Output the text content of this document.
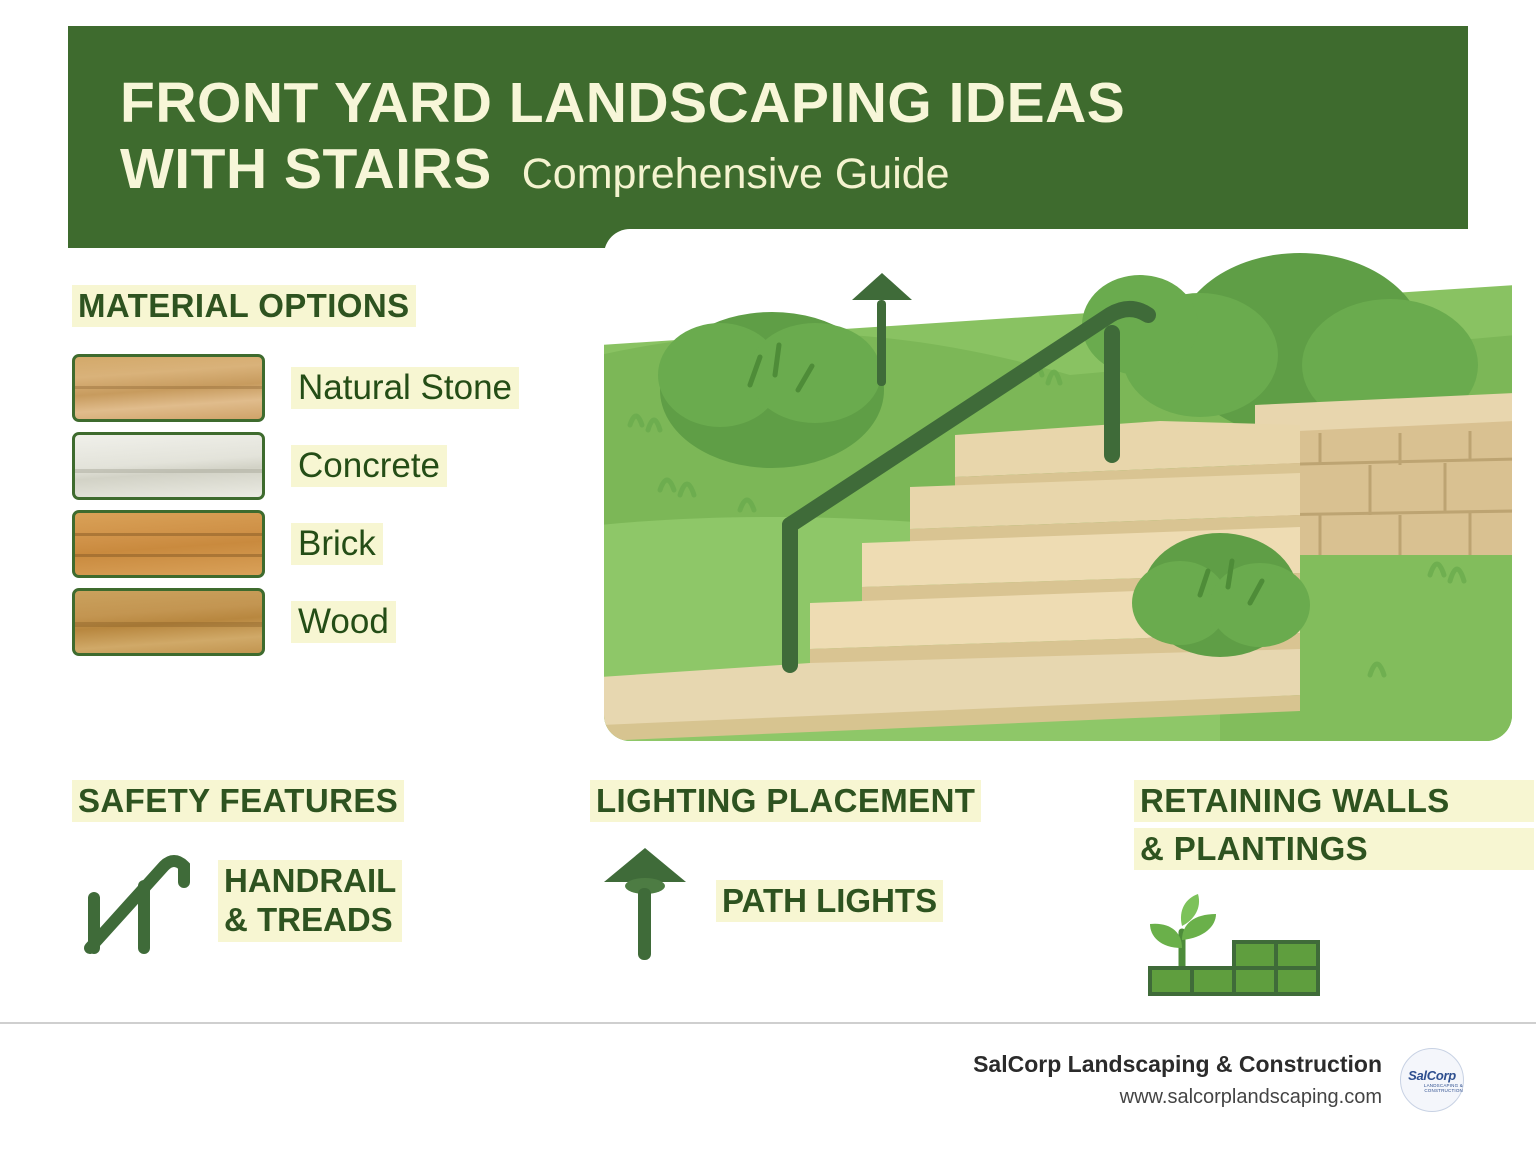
FRONT YARD LANDSCAPING IDEAS
WITH STAIRS Comprehensive Guide
MATERIAL OPTIONS
Natural Stone
Concrete
Brick
Wood
SAFETY FEATURES
HANDRAIL
& TREADS
LIGHTING PLACEMENT
PATH LIGHTS
RETAINING WALLS
& PLANTINGS
SalCorp Landscaping & Construction
www.salcorplandscaping.com
SalCorp
LANDSCAPING & CONSTRUCTION
